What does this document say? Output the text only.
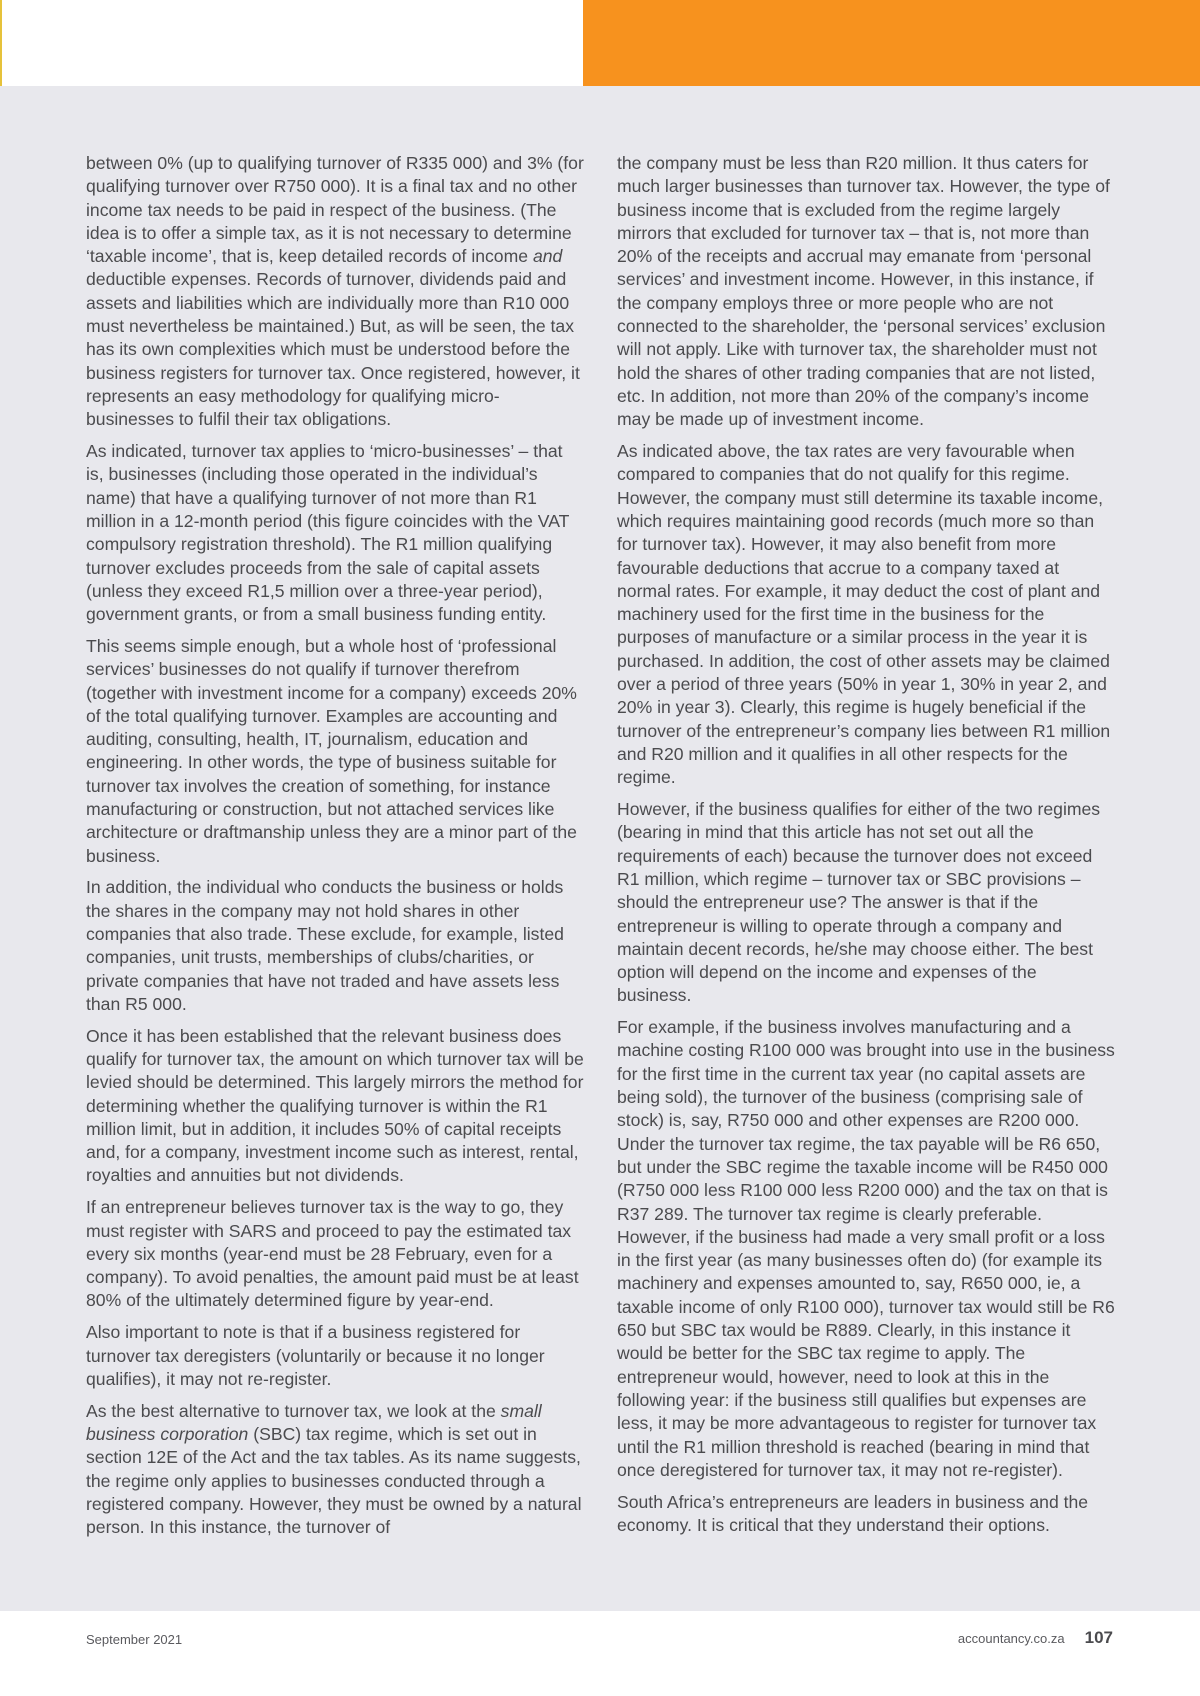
between 0% (up to qualifying turnover of R335 000) and 3% (for qualifying turnover over R750 000). It is a final tax and no other income tax needs to be paid in respect of the business. (The idea is to offer a simple tax, as it is not necessary to determine ‘taxable income’, that is, keep detailed records of income and deductible expenses. Records of turnover, dividends paid and assets and liabilities which are individually more than R10 000 must nevertheless be maintained.) But, as will be seen, the tax has its own complexities which must be understood before the business registers for turnover tax. Once registered, however, it represents an easy methodology for qualifying micro-businesses to fulfil their tax obligations.

As indicated, turnover tax applies to ‘micro-businesses’ – that is, businesses (including those operated in the individual’s name) that have a qualifying turnover of not more than R1 million in a 12-month period (this figure coincides with the VAT compulsory registration threshold). The R1 million qualifying turnover excludes proceeds from the sale of capital assets (unless they exceed R1,5 million over a three-year period), government grants, or from a small business funding entity.

This seems simple enough, but a whole host of ‘professional services’ businesses do not qualify if turnover therefrom (together with investment income for a company) exceeds 20% of the total qualifying turnover. Examples are accounting and auditing, consulting, health, IT, journalism, education and engineering. In other words, the type of business suitable for turnover tax involves the creation of something, for instance manufacturing or construction, but not attached services like architecture or draftmanship unless they are a minor part of the business.

In addition, the individual who conducts the business or holds the shares in the company may not hold shares in other companies that also trade. These exclude, for example, listed companies, unit trusts, memberships of clubs/charities, or private companies that have not traded and have assets less than R5 000.

Once it has been established that the relevant business does qualify for turnover tax, the amount on which turnover tax will be levied should be determined. This largely mirrors the method for determining whether the qualifying turnover is within the R1 million limit, but in addition, it includes 50% of capital receipts and, for a company, investment income such as interest, rental, royalties and annuities but not dividends.

If an entrepreneur believes turnover tax is the way to go, they must register with SARS and proceed to pay the estimated tax every six months (year-end must be 28 February, even for a company). To avoid penalties, the amount paid must be at least 80% of the ultimately determined figure by year-end.

Also important to note is that if a business registered for turnover tax deregisters (voluntarily or because it no longer qualifies), it may not re-register.

As the best alternative to turnover tax, we look at the small business corporation (SBC) tax regime, which is set out in section 12E of the Act and the tax tables. As its name suggests, the regime only applies to businesses conducted through a registered company. However, they must be owned by a natural person. In this instance, the turnover of

the company must be less than R20 million. It thus caters for much larger businesses than turnover tax. However, the type of business income that is excluded from the regime largely mirrors that excluded for turnover tax – that is, not more than 20% of the receipts and accrual may emanate from ‘personal services’ and investment income. However, in this instance, if the company employs three or more people who are not connected to the shareholder, the ‘personal services’ exclusion will not apply. Like with turnover tax, the shareholder must not hold the shares of other trading companies that are not listed, etc. In addition, not more than 20% of the company’s income may be made up of investment income.

As indicated above, the tax rates are very favourable when compared to companies that do not qualify for this regime. However, the company must still determine its taxable income, which requires maintaining good records (much more so than for turnover tax). However, it may also benefit from more favourable deductions that accrue to a company taxed at normal rates. For example, it may deduct the cost of plant and machinery used for the first time in the business for the purposes of manufacture or a similar process in the year it is purchased. In addition, the cost of other assets may be claimed over a period of three years (50% in year 1, 30% in year 2, and 20% in year 3). Clearly, this regime is hugely beneficial if the turnover of the entrepreneur’s company lies between R1 million and R20 million and it qualifies in all other respects for the regime.

However, if the business qualifies for either of the two regimes (bearing in mind that this article has not set out all the requirements of each) because the turnover does not exceed R1 million, which regime – turnover tax or SBC provisions – should the entrepreneur use? The answer is that if the entrepreneur is willing to operate through a company and maintain decent records, he/she may choose either. The best option will depend on the income and expenses of the business.

For example, if the business involves manufacturing and a machine costing R100 000 was brought into use in the business for the first time in the current tax year (no capital assets are being sold), the turnover of the business (comprising sale of stock) is, say, R750 000 and other expenses are R200 000. Under the turnover tax regime, the tax payable will be R6 650, but under the SBC regime the taxable income will be R450 000 (R750 000 less R100 000 less R200 000) and the tax on that is R37 289. The turnover tax regime is clearly preferable. However, if the business had made a very small profit or a loss in the first year (as many businesses often do) (for example its machinery and expenses amounted to, say, R650 000, ie, a taxable income of only R100 000), turnover tax would still be R6 650 but SBC tax would be R889. Clearly, in this instance it would be better for the SBC tax regime to apply. The entrepreneur would, however, need to look at this in the following year: if the business still qualifies but expenses are less, it may be more advantageous to register for turnover tax until the R1 million threshold is reached (bearing in mind that once deregistered for turnover tax, it may not re-register).

South Africa’s entrepreneurs are leaders in business and the economy. It is critical that they understand their options.

September 2021	accountancy.co.za 107
